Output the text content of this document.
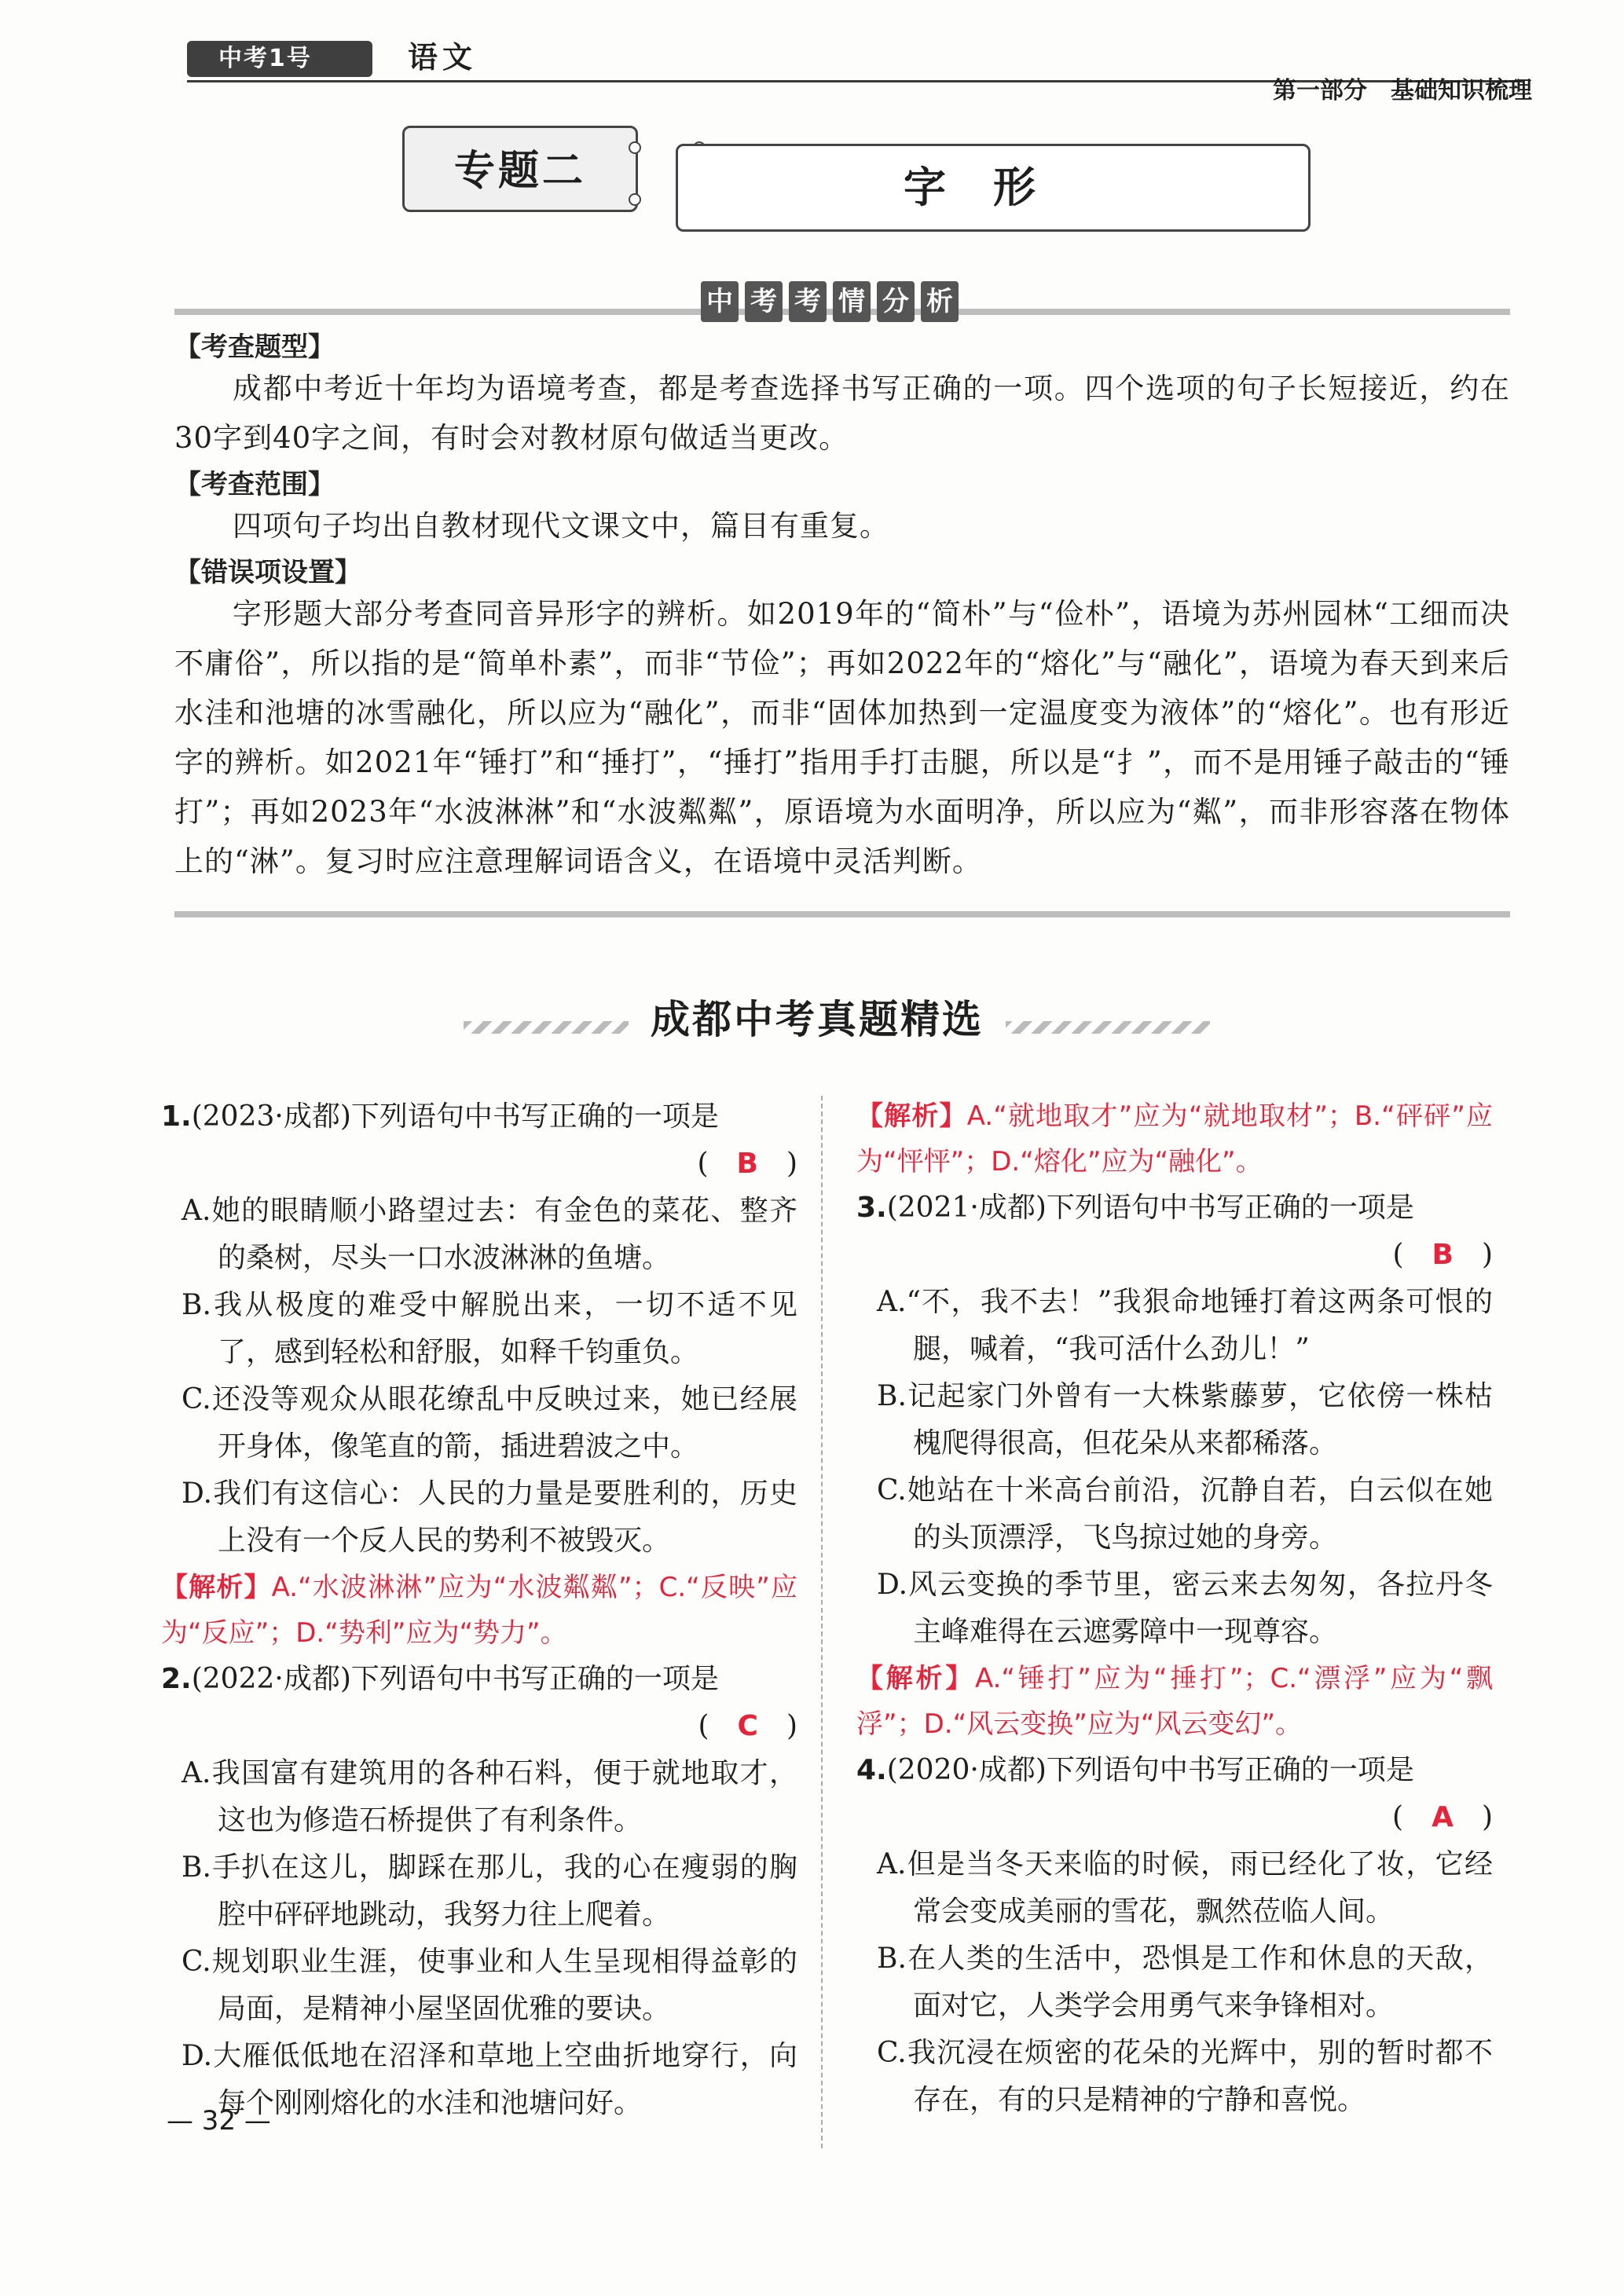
中考1号	语文
第一部分　基础知识梳理
专题二	字形
中 考 考 情 分 析
【考查题型】
成都中考近十年均为语境考查，都是考查选择书写正确的一项。四个选项的句子长短接近，约在30字到40字之间，有时会对教材原句做适当更改。
【考查范围】
四项句子均出自教材现代文课文中，篇目有重复。
【错误项设置】
字形题大部分考查同音异形字的辨析。如2019年的“简朴”与“俭朴”，语境为苏州园林“工细而决不庸俗”，所以指的是“简单朴素”，而非“节俭”；再如2022年的“熔化”与“融化”，语境为春天到来后水洼和池塘的冰雪融化，所以应为“融化”，而非“固体加热到一定温度变为液体”的“熔化”。也有形近字的辨析。如2021年“锤打”和“捶打”，“捶打”指用手打击腿，所以是“扌”，而不是用锤子敲击的“锤打”；再如2023年“水波淋淋”和“水波粼粼”，原语境为水面明净，所以应为“粼”，而非形容落在物体上的“淋”。复习时应注意理解词语含义，在语境中灵活判断。
成都中考真题精选
1.(2023·成都)下列语句中书写正确的一项是
(　B　)
A.她的眼睛顺小路望过去：有金色的菜花、整齐的桑树，尽头一口水波淋淋的鱼塘。
B.我从极度的难受中解脱出来，一切不适不见了，感到轻松和舒服，如释千钧重负。
C.还没等观众从眼花缭乱中反映过来，她已经展开身体，像笔直的箭，插进碧波之中。
D.我们有这信心：人民的力量是要胜利的，历史上没有一个反人民的势利不被毁灭。
【解析】A.“水波淋淋”应为“水波粼粼”；C.“反映”应为“反应”；D.“势利”应为“势力”。
2.(2022·成都)下列语句中书写正确的一项是
(　C　)
A.我国富有建筑用的各种石料，便于就地取才，这也为修造石桥提供了有利条件。
B.手扒在这儿，脚踩在那儿，我的心在瘦弱的胸腔中砰砰地跳动，我努力往上爬着。
C.规划职业生涯，使事业和人生呈现相得益彰的局面，是精神小屋坚固优雅的要诀。
D.大雁低低地在沼泽和草地上空曲折地穿行，向每个刚刚熔化的水洼和池塘问好。
【解析】A.“就地取才”应为“就地取材”；B.“砰砰”应为“怦怦”；D.“熔化”应为“融化”。
3.(2021·成都)下列语句中书写正确的一项是
(　B　)
A.“不，我不去！”我狠命地锤打着这两条可恨的腿，喊着，“我可活什么劲儿！”
B.记起家门外曾有一大株紫藤萝，它依傍一株枯槐爬得很高，但花朵从来都稀落。
C.她站在十米高台前沿，沉静自若，白云似在她的头顶漂浮，飞鸟掠过她的身旁。
D.风云变换的季节里，密云来去匆匆，各拉丹冬主峰难得在云遮雾障中一现尊容。
【解析】A.“锤打”应为“捶打”；C.“漂浮”应为“飘浮”；D.“风云变换”应为“风云变幻”。
4.(2020·成都)下列语句中书写正确的一项是
(　A　)
A.但是当冬天来临的时候，雨已经化了妆，它经常会变成美丽的雪花，飘然莅临人间。
B.在人类的生活中，恐惧是工作和休息的天敌，面对它，人类学会用勇气来争锋相对。
C.我沉浸在烦密的花朵的光辉中，别的暂时都不存在，有的只是精神的宁静和喜悦。
— 32 —
